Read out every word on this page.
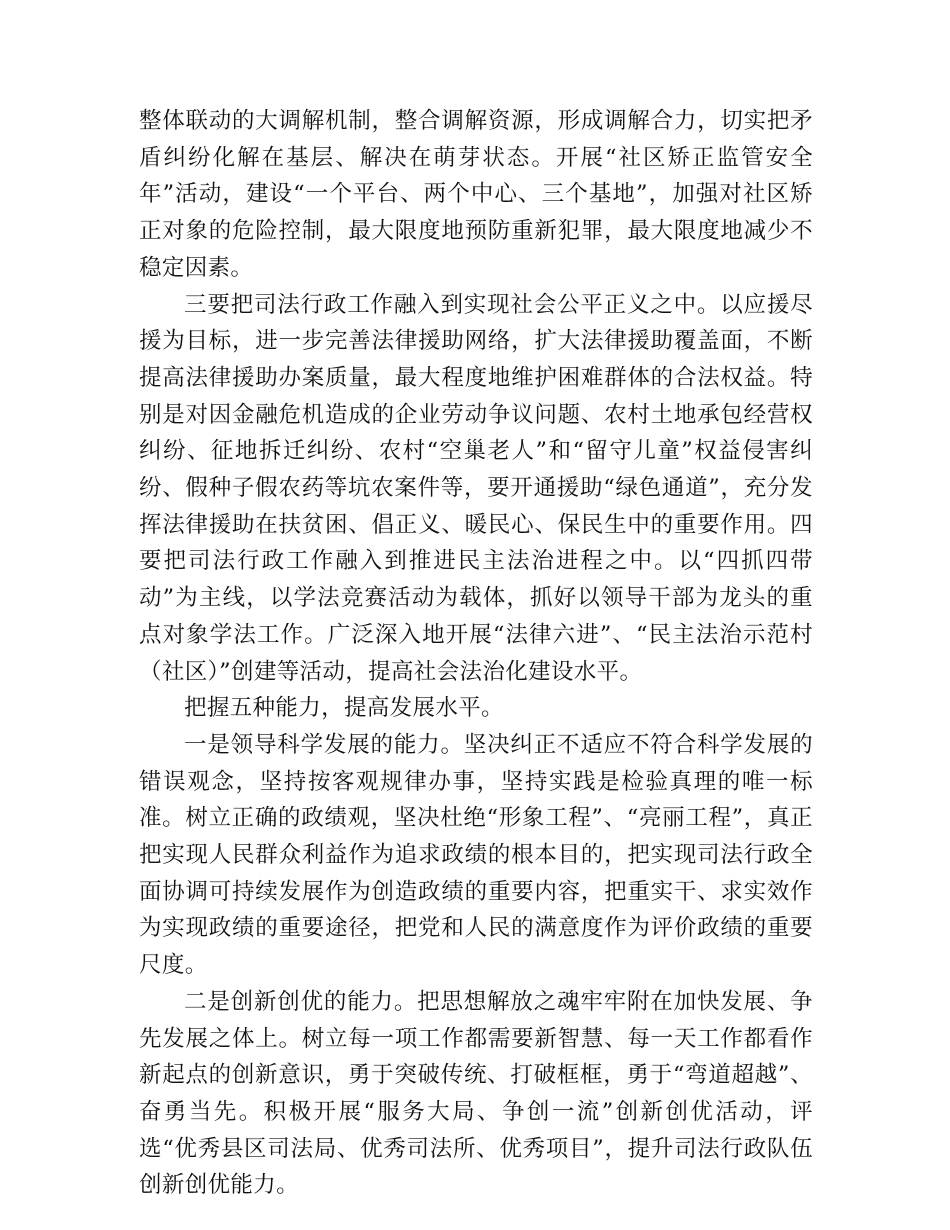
整体联动的大调解机制，整合调解资源，形成调解合力，切实把矛盾纠纷化解在基层、解决在萌芽状态。开展“社区矫正监管安全年”活动，建设“一个平台、两个中心、三个基地”，加强对社区矫正对象的危险控制，最大限度地预防重新犯罪，最大限度地减少不稳定因素。

三要把司法行政工作融入到实现社会公平正义之中。以应援尽援为目标，进一步完善法律援助网络，扩大法律援助覆盖面，不断提高法律援助办案质量，最大程度地维护困难群体的合法权益。特别是对因金融危机造成的企业劳动争议问题、农村土地承包经营权纠纷、征地拆迁纠纷、农村“空巢老人”和“留守儿童”权益侵害纠纷、假种子假农药等坑农案件等，要开通援助“绿色通道”，充分发挥法律援助在扶贫困、倡正义、暖民心、保民生中的重要作用。四要把司法行政工作融入到推进民主法治进程之中。以“四抓四带动”为主线，以学法竞赛活动为载体，抓好以领导干部为龙头的重点对象学法工作。广泛深入地开展“法律六进”、“民主法治示范村（社区）”创建等活动，提高社会法治化建设水平。

把握五种能力，提高发展水平。

一是领导科学发展的能力。坚决纠正不适应不符合科学发展的错误观念，坚持按客观规律办事，坚持实践是检验真理的唯一标准。树立正确的政绩观，坚决杜绝“形象工程”、“亮丽工程”，真正把实现人民群众利益作为追求政绩的根本目的，把实现司法行政全面协调可持续发展作为创造政绩的重要内容，把重实干、求实效作为实现政绩的重要途径，把党和人民的满意度作为评价政绩的重要尺度。

二是创新创优的能力。把思想解放之魂牢牢附在加快发展、争先发展之体上。树立每一项工作都需要新智慧、每一天工作都看作新起点的创新意识，勇于突破传统、打破框框，勇于“弯道超越”、奋勇当先。积极开展“服务大局、争创一流”创新创优活动，评选“优秀县区司法局、优秀司法所、优秀项目”，提升司法行政队伍创新创优能力。
